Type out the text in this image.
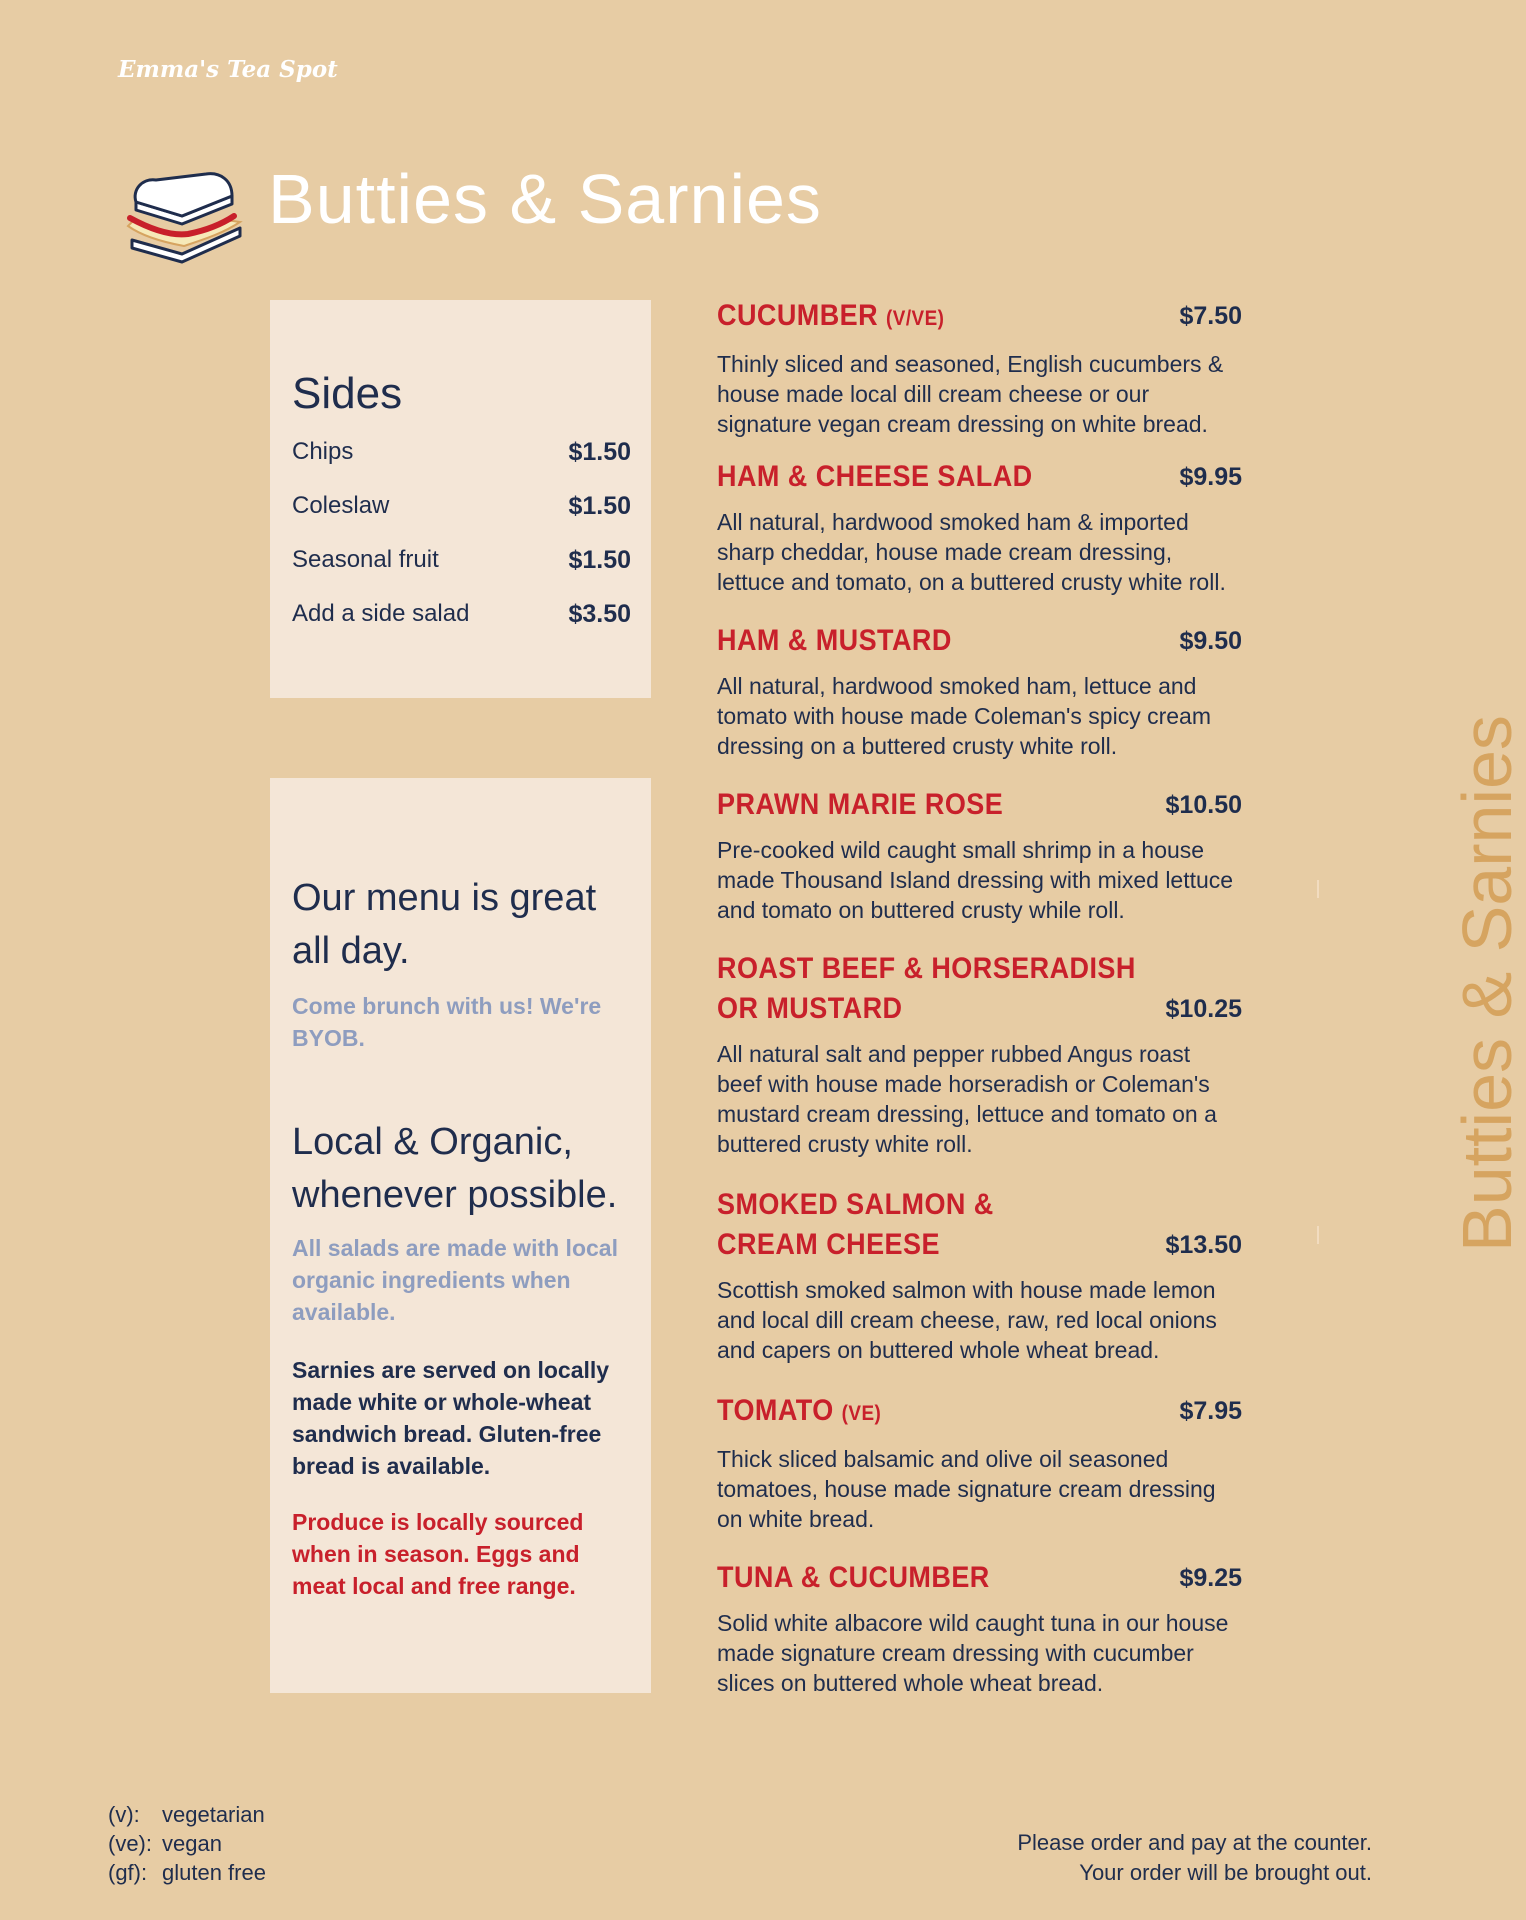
Emma's Tea Spot
Butties & Sarnies
Butties & Sarnies
Sides
Chips	$1.50
Coleslaw	$1.50
Seasonal fruit	$1.50
Add a side salad	$3.50
Our menu is great all day.
Come brunch with us! We're BYOB.
Local & Organic, whenever possible.
All salads are made with local organic ingredients when available.
Sarnies are served on locally made white or whole-wheat sandwich bread. Gluten-free bread is available.
Produce is locally sourced when in season. Eggs and meat local and free range.
CUCUMBER (V/VE)	$7.50
Thinly sliced and seasoned, English cucumbers & house made local dill cream cheese or our signature vegan cream dressing on white bread.
HAM & CHEESE SALAD	$9.95
All natural, hardwood smoked ham & imported sharp cheddar, house made cream dressing, lettuce and tomato, on a buttered crusty white roll.
HAM & MUSTARD	$9.50
All natural, hardwood smoked ham, lettuce and tomato with house made Coleman's spicy cream dressing on a buttered crusty white roll.
PRAWN MARIE ROSE	$10.50
Pre-cooked wild caught small shrimp in a house made Thousand Island dressing with mixed lettuce and tomato on buttered crusty while roll.
ROAST BEEF & HORSERADISH
OR MUSTARD	$10.25
All natural salt and pepper rubbed Angus roast beef with house made horseradish or Coleman's mustard cream dressing, lettuce and tomato on a buttered crusty white roll.
SMOKED SALMON &
CREAM CHEESE	$13.50
Scottish smoked salmon with house made lemon and local dill cream cheese, raw, red local onions and capers on buttered whole wheat bread.
TOMATO (VE)	$7.95
Thick sliced balsamic and olive oil seasoned tomatoes, house made signature cream dressing on white bread.
TUNA & CUCUMBER	$9.25
Solid white albacore wild caught tuna in our house made signature cream dressing with cucumber slices on buttered whole wheat bread.
(v):	vegetarian
(ve): vegan
(gf): gluten free
Please order and pay at the counter.
Your order will be brought out.
